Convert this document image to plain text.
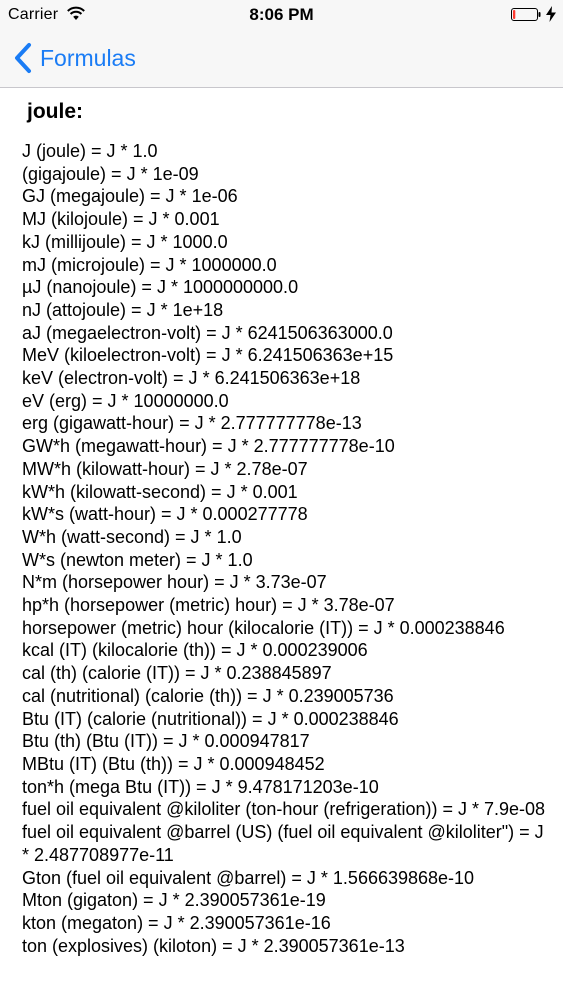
Carrier	8:06 PM
Formulas
joule:
J (joule) = J * 1.0
(gigajoule) = J * 1e-09
GJ (megajoule) = J * 1e-06
MJ (kilojoule) = J * 0.001
kJ (millijoule) = J * 1000.0
mJ (microjoule) = J * 1000000.0
µJ (nanojoule) = J * 1000000000.0
nJ (attojoule) = J * 1e+18
aJ (megaelectron-volt) = J * 6241506363000.0
MeV (kiloelectron-volt) = J * 6.241506363e+15
keV (electron-volt) = J * 6.241506363e+18
eV (erg) = J * 10000000.0
erg (gigawatt-hour) = J * 2.777777778e-13
GW*h (megawatt-hour) = J * 2.777777778e-10
MW*h (kilowatt-hour) = J * 2.78e-07
kW*h (kilowatt-second) = J * 0.001
kW*s (watt-hour) = J * 0.000277778
W*h (watt-second) = J * 1.0
W*s (newton meter) = J * 1.0
N*m (horsepower hour) = J * 3.73e-07
hp*h (horsepower (metric) hour) = J * 3.78e-07
horsepower (metric) hour (kilocalorie (IT)) = J * 0.000238846
kcal (IT) (kilocalorie (th)) = J * 0.000239006
cal (th) (calorie (IT)) = J * 0.238845897
cal (nutritional) (calorie (th)) = J * 0.239005736
Btu (IT) (calorie (nutritional)) = J * 0.000238846
Btu (th) (Btu (IT)) = J * 0.000947817
MBtu (IT) (Btu (th)) = J * 0.000948452
ton*h (mega Btu (IT)) = J * 9.478171203e-10
fuel oil equivalent @kiloliter (ton-hour (refrigeration)) = J * 7.9e-08
fuel oil equivalent @barrel (US) (fuel oil equivalent @kiloliter") = J * 2.487708977e-11
Gton (fuel oil equivalent @barrel) = J * 1.566639868e-10
Mton (gigaton) = J * 2.390057361e-19
kton (megaton) = J * 2.390057361e-16
ton (explosives) (kiloton) = J * 2.390057361e-13
